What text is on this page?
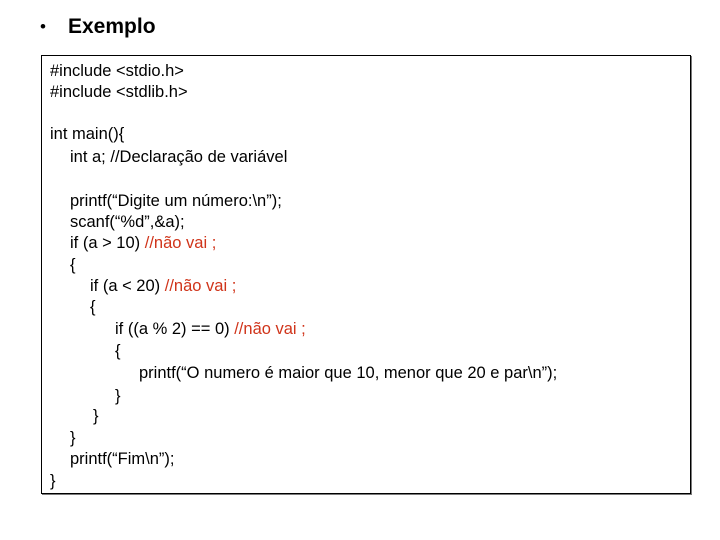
•	Exemplo
#include <stdio.h>
#include <stdlib.h>
int main(){
int a; //Declaração de variável
printf(“Digite um número:\n”);
scanf(“%d”,&a);
if (a > 10) //não vai ;
{
if (a < 20) //não vai ;
{
if ((a % 2) == 0) //não vai ;
{
printf(“O numero é maior que 10, menor que 20 e par\n”);
}
}
}
printf(“Fim\n”);
}
